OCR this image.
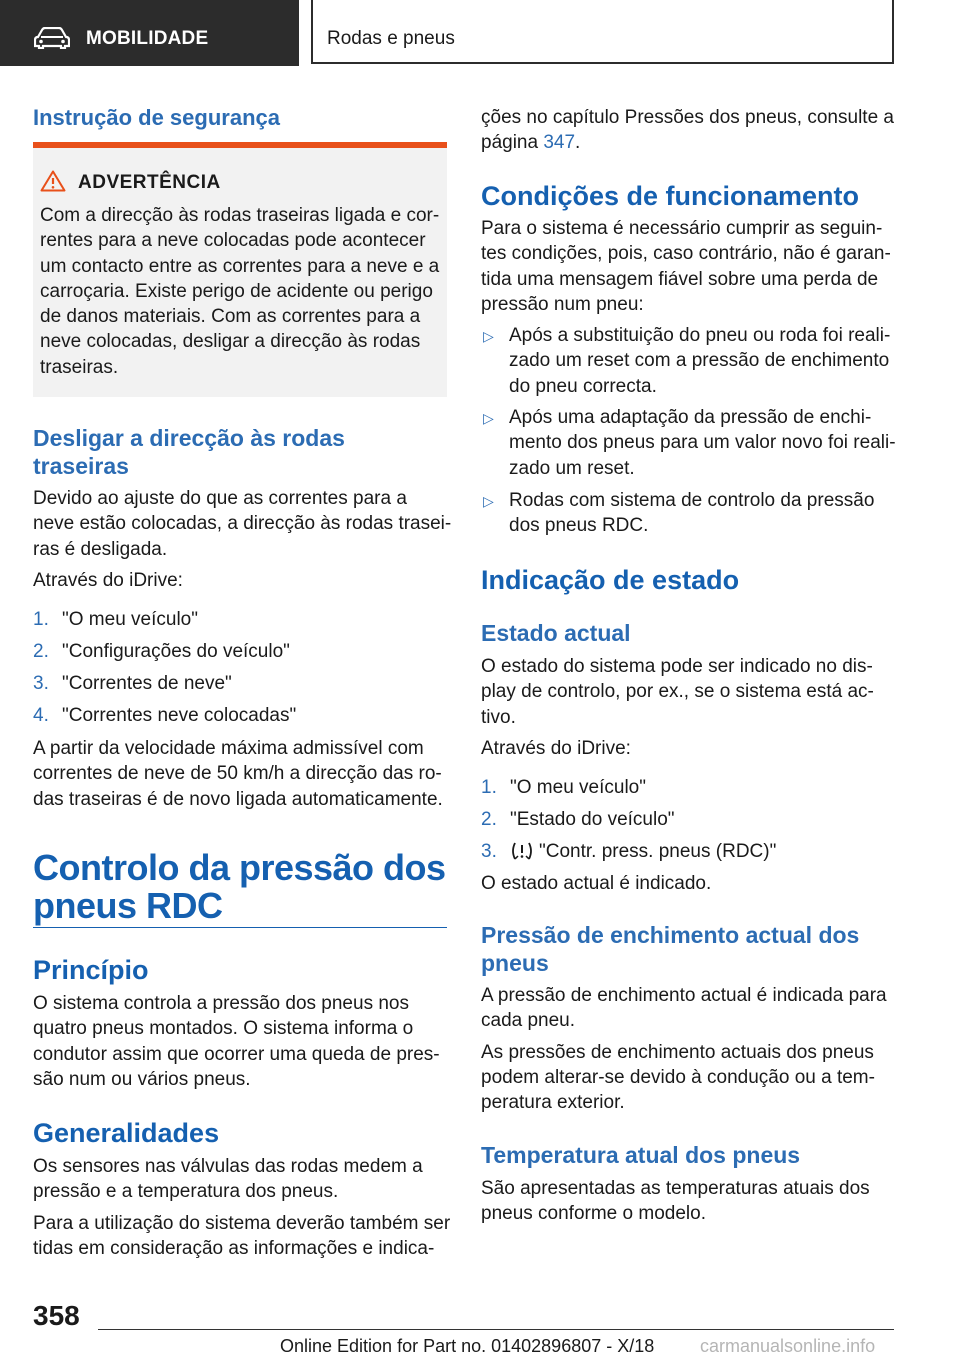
MOBILIDADE	Rodas e pneus
Instrução de segurança
ADVERTÊNCIA

Com a direcção às rodas traseiras ligada e cor-

rentes para a neve colocadas pode acontecer

um contacto entre as correntes para a neve e a

carroçaria. Existe perigo de acidente ou perigo

de danos materiais. Com as correntes para a

neve colocadas, desligar a direcção às rodas

traseiras.

Desligar a direcção às rodas
traseiras

Devido ao ajuste do que as correntes para a

neve estão colocadas, a direcção às rodas trasei-

ras é desligada.

Através do iDrive:

1. "O meu veículo"
2. "Configurações do veículo"
3. "Correntes de neve"
4. "Correntes neve colocadas"

A partir da velocidade máxima admissível com

correntes de neve de 50 km/h a direcção das ro-

das traseiras é de novo ligada automaticamente.

Controlo da pressão dos
pneus RDC
Princípio

O sistema controla a pressão dos pneus nos

quatro pneus montados. O sistema informa o

condutor assim que ocorrer uma queda de pres-

são num ou vários pneus.

Generalidades

Os sensores nas válvulas das rodas medem a

pressão e a temperatura dos pneus.

Para a utilização do sistema deverão também ser

tidas em consideração as informações e indica-

ções no capítulo Pressões dos pneus, consulte a

página 347.

Condições de funcionamento

Para o sistema é necessário cumprir as seguin-

tes condições, pois, caso contrário, não é garan-

tida uma mensagem fiável sobre uma perda de

pressão num pneu:

▷ Após a substituição do pneu ou roda foi reali-

zado um reset com a pressão de enchimento

do pneu correcta.

▷ Após uma adaptação da pressão de enchi-

mento dos pneus para um valor novo foi reali-

zado um reset.

▷ Rodas com sistema de controlo da pressão

dos pneus RDC.

Indicação de estado
Estado actual

O estado do sistema pode ser indicado no dis-

play de controlo, por ex., se o sistema está ac-

tivo.

Através do iDrive:

1. "O meu veículo"
2. "Estado do veículo"
3. "Contr. press. pneus (RDC)"

O estado actual é indicado.

Pressão de enchimento actual dos
pneus

A pressão de enchimento actual é indicada para

cada pneu.

As pressões de enchimento actuais dos pneus

podem alterar-se devido à condução ou a tem-

peratura exterior.

Temperatura atual dos pneus

São apresentadas as temperaturas atuais dos

pneus conforme o modelo.

358
Online Edition for Part no. 01402896807 - X/18	carmanualsonline.info
